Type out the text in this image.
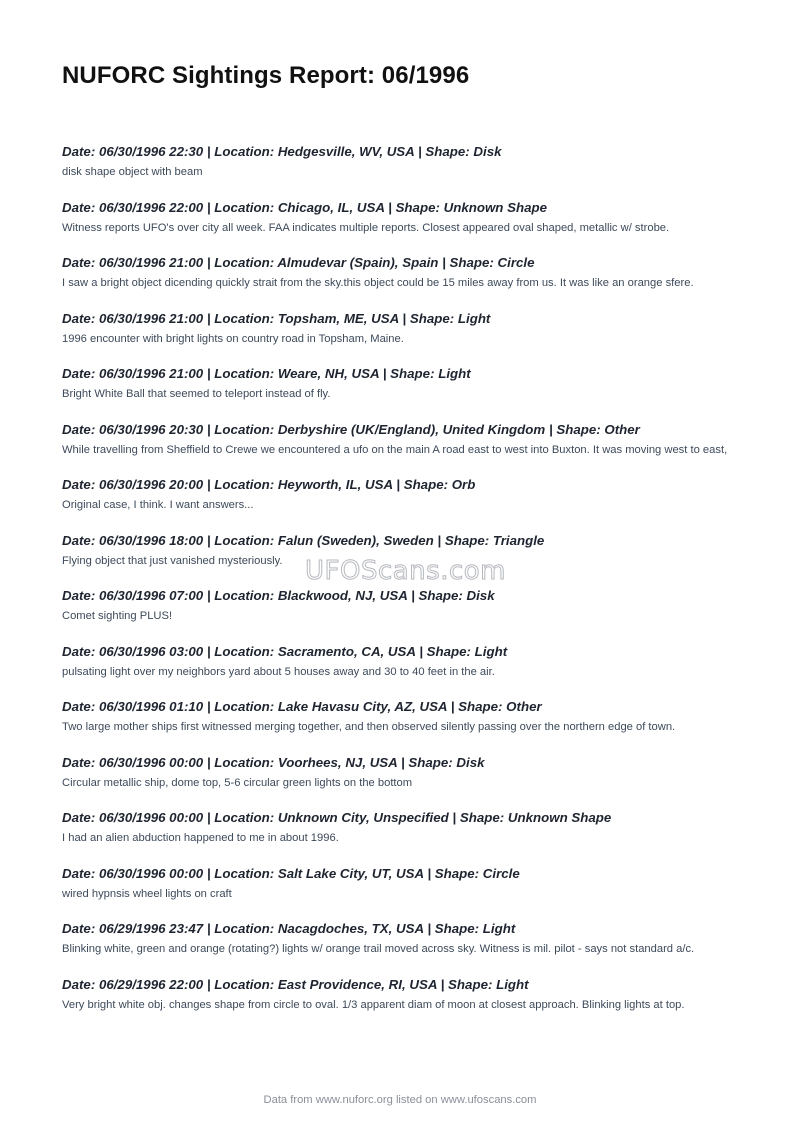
NUFORC Sightings Report: 06/1996
Date: 06/30/1996 22:30 | Location: Hedgesville, WV, USA | Shape: Disk
disk shape object with beam
Date: 06/30/1996 22:00 | Location: Chicago, IL, USA | Shape: Unknown Shape
Witness reports UFO's over city all week. FAA indicates multiple reports. Closest appeared oval shaped, metallic w/ strobe.
Date: 06/30/1996 21:00 | Location: Almudevar (Spain), Spain | Shape: Circle
I saw a bright object dicending quickly strait from the sky.this object could be 15 miles away from us. It was like an orange sfere.
Date: 06/30/1996 21:00 | Location: Topsham, ME, USA | Shape: Light
1996 encounter with bright lights on country road in Topsham, Maine.
Date: 06/30/1996 21:00 | Location: Weare, NH, USA | Shape: Light
Bright White Ball that seemed to teleport instead of fly.
Date: 06/30/1996 20:30 | Location: Derbyshire (UK/England), United Kingdom | Shape: Other
While travelling from Sheffield to Crewe we encountered a ufo on the main A road east to west into Buxton. It was moving west to east,
Date: 06/30/1996 20:00 | Location: Heyworth, IL, USA | Shape: Orb
Original case, I think. I want answers...
Date: 06/30/1996 18:00 | Location: Falun (Sweden), Sweden | Shape: Triangle
Flying object that just vanished mysteriously.
Date: 06/30/1996 07:00 | Location: Blackwood, NJ, USA | Shape: Disk
Comet sighting PLUS!
Date: 06/30/1996 03:00 | Location: Sacramento, CA, USA | Shape: Light
pulsating light over my neighbors yard about 5 houses away and 30 to 40 feet in the air.
Date: 06/30/1996 01:10 | Location: Lake Havasu City, AZ, USA | Shape: Other
Two large mother ships first witnessed merging together, and then observed silently passing over the northern edge of town.
Date: 06/30/1996 00:00 | Location: Voorhees, NJ, USA | Shape: Disk
Circular metallic ship, dome top, 5-6 circular green lights on the bottom
Date: 06/30/1996 00:00 | Location: Unknown City, Unspecified | Shape: Unknown Shape
I had an alien abduction happened to me in about 1996.
Date: 06/30/1996 00:00 | Location: Salt Lake City, UT, USA | Shape: Circle
wired hypnsis wheel lights on craft
Date: 06/29/1996 23:47 | Location: Nacagdoches, TX, USA | Shape: Light
Blinking white, green and orange (rotating?) lights w/ orange trail moved across sky. Witness is mil. pilot - says not standard a/c.
Date: 06/29/1996 22:00 | Location: East Providence, RI, USA | Shape: Light
Very bright white obj. changes shape from circle to oval. 1/3 apparent diam of moon at closest approach. Blinking lights at top.
UFOScans.com
Data from www.nuforc.org listed on www.ufoscans.com
